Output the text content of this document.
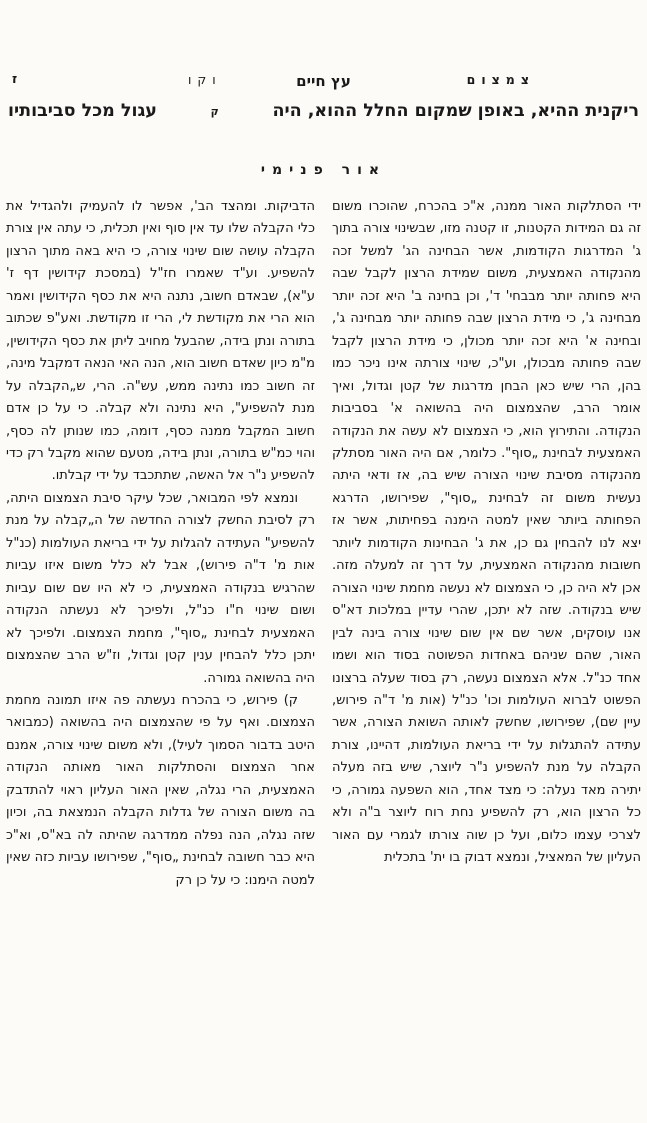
צמצום
עץ חיים
וקו
ז
ריקנית ההיא, באופן שמקום החלל ההוא, היה
ק
עגול מכל סביבותיו
אור פנימי

ידי הסתלקות האור ממנה, א"כ בהכרח, שהוכרו משום זה גם המידות הקטנות, זו קטנה מזו, שבשינוי צורה בתוך ג' המדרגות הקודמות, אשר הבחינה הג' למשל זכה מהנקודה האמצעית, משום שמידת הרצון לקבל שבה היא פחותה יותר מבבחי' ד', וכן בחינה ב' היא זכה יותר מבחינה ג', כי מידת הרצון שבה פחותה יותר מבחינה ג', ובחינה א' היא זכה יותר מכולן, כי מידת הרצון לקבל שבה פחותה מבכולן, וע"כ, שינוי צורתה אינו ניכר כמו בהן, הרי שיש כאן הבחן מדרגות של קטן וגדול, ואיך אומר הרב, שהצמצום היה בהשואה א' בסביבות הנקודה. והתירוץ הוא, כי הצמצום לא עשה את הנקודה האמצעית לבחינת „סוף". כלומר, אם היה האור מסתלק מהנקודה מסיבת שינוי הצורה שיש בה, אז ודאי היתה נעשית משום זה לבחינת „סוף", שפירושו, הדרגא הפחותה ביותר שאין למטה הימנה בפחיתות, אשר אז יצא לנו להבחין גם כן, את ג' הבחינות הקודמות ליותר חשובות מהנקודה האמצעית, על דרך זה למעלה מזה. אכן לא היה כן, כי הצמצום לא נעשה מחמת שינוי הצורה שיש בנקודה. שזה לא יתכן, שהרי עדיין במלכות דא"ס אנו עוסקים, אשר שם אין שום שינוי צורה בינה לבין האור, שהם שניהם באחדות הפשוטה בסוד הוא ושמו אחד כנ"ל. אלא הצמצום נעשה, רק בסוד שעלה ברצונו הפשוט לברוא העולמות וכו' כנ"ל (אות מ' ד"ה פירוש, עיין שם), שפירושו, שחשק לאותה השואת הצורה, אשר עתידה להתגלות על ידי בריאת העולמות, דהיינו, צורת הקבלה על מנת להשפיע נ"ר ליוצר, שיש בזה מעלה יתירה מאד נעלה: כי מצד אחד, הוא השפעה גמורה, כי כל הרצון הוא, רק להשפיע נחת רוח ליוצר ב"ה ולא לצרכי עצמו כלום, ועל כן שוה צורתו לגמרי עם האור העליון של המאציל, ונמצא דבוק בו ית' בתכלית

הדביקות. ומהצד הב', אפשר לו להעמיק ולהגדיל את כלי הקבלה שלו עד אין סוף ואין תכלית, כי עתה אין צורת הקבלה עושה שום שינוי צורה, כי היא באה מתוך הרצון להשפיע. וע"ד שאמרו חז"ל (במסכת קידושין דף ז' ע"א), שבאדם חשוב, נתנה היא את כסף הקידושין ואמר הוא הרי את מקודשת לי, הרי זו מקודשת. ואע"פ שכתוב בתורה ונתן בידה, שהבעל מחויב ליתן את כסף הקידושין, מ"מ כיון שאדם חשוב הוא, הנה האי הנאה דמקבל מינה, זה חשוב כמו נתינה ממש, עש"ה. הרי, ש„הקבלה על מנת להשפיע", היא נתינה ולא קבלה. כי על כן אדם חשוב המקבל ממנה כסף, דומה, כמו שנותן לה כסף, והוי כמ"ש בתורה, ונתן בידה, מטעם שהוא מקבל רק כדי להשפיע נ"ר אל האשה, שתתכבד על ידי קבלתו.

ונמצא לפי המבואר, שכל עיקר סיבת הצמצום היתה, רק לסיבת החשק לצורה החדשה של ה„קבלה על מנת להשפיע" העתידה להגלות על ידי בריאת העולמות (כנ"ל אות מ' ד"ה פירוש), אבל לא כלל משום איזו עביות שהרגיש בנקודה האמצעית, כי לא היו שם שום עביות ושום שינוי ח"ו כנ"ל, ולפיכך לא נעשתה הנקודה האמצעית לבחינת „סוף", מחמת הצמצום. ולפיכך לא יתכן כלל להבחין ענין קטן וגדול, וז"ש הרב שהצמצום היה בהשואה גמורה.

ק) פירוש, כי בהכרח נעשתה פה איזו תמונה מחמת הצמצום. ואף על פי שהצמצום היה בהשואה (כמבואר היטב בדבור הסמוך לעיל), ולא משום שינוי צורה, אמנם אחר הצמצום והסתלקות האור מאותה הנקודה האמצעית, הרי נגלה, שאין האור העליון ראוי להתדבק בה משום הצורה של גדלות הקבלה הנמצאת בה, וכיון שזה נגלה, הנה נפלה ממדרגה שהיתה לה בא"ס, וא"כ היא כבר חשובה לבחינת „סוף", שפירושו עביות כזה שאין למטה הימנו: כי על כן רק
